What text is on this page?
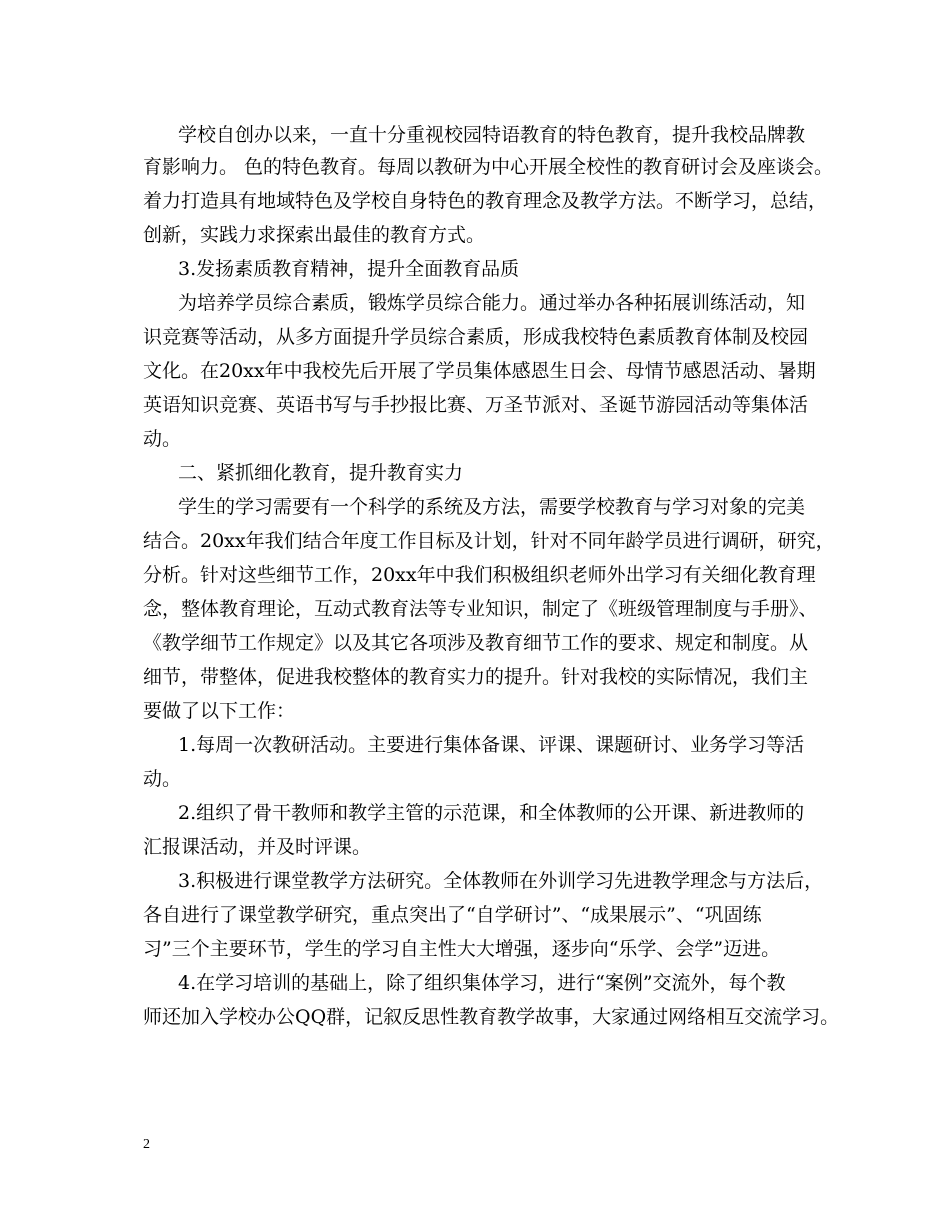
学校自创办以来，一直十分重视校园特语教育的特色教育，提升我校品牌教

育影响力。 色的特色教育。每周以教研为中心开展全校性的教育研讨会及座谈会。

着力打造具有地域特色及学校自身特色的教育理念及教学方法。不断学习，总结，

创新，实践力求探索出最佳的教育方式。

3.发扬素质教育精神，提升全面教育品质

为培养学员综合素质，锻炼学员综合能力。通过举办各种拓展训练活动，知

识竞赛等活动，从多方面提升学员综合素质，形成我校特色素质教育体制及校园

文化。在20xx年中我校先后开展了学员集体感恩生日会、母情节感恩活动、暑期

英语知识竞赛、英语书写与手抄报比赛、万圣节派对、圣诞节游园活动等集体活

动。

二、紧抓细化教育，提升教育实力

学生的学习需要有一个科学的系统及方法，需要学校教育与学习对象的完美

结合。20xx年我们结合年度工作目标及计划，针对不同年龄学员进行调研，研究，

分析。针对这些细节工作，20xx年中我们积极组织老师外出学习有关细化教育理

念，整体教育理论，互动式教育法等专业知识，制定了《班级管理制度与手册》、

《教学细节工作规定》以及其它各项涉及教育细节工作的要求、规定和制度。从

细节，带整体，促进我校整体的教育实力的提升。针对我校的实际情况，我们主

要做了以下工作：

1.每周一次教研活动。主要进行集体备课、评课、课题研讨、业务学习等活

动。

2.组织了骨干教师和教学主管的示范课，和全体教师的公开课、新进教师的

汇报课活动，并及时评课。

3.积极进行课堂教学方法研究。全体教师在外训学习先进教学理念与方法后，

各自进行了课堂教学研究，重点突出了“自学研讨”、“成果展示”、“巩固练

习”三个主要环节，学生的学习自主性大大增强，逐步向“乐学、会学”迈进。

4.在学习培训的基础上，除了组织集体学习，进行“案例”交流外，每个教

师还加入学校办公QQ群，记叙反思性教育教学故事，大家通过网络相互交流学习。

2
